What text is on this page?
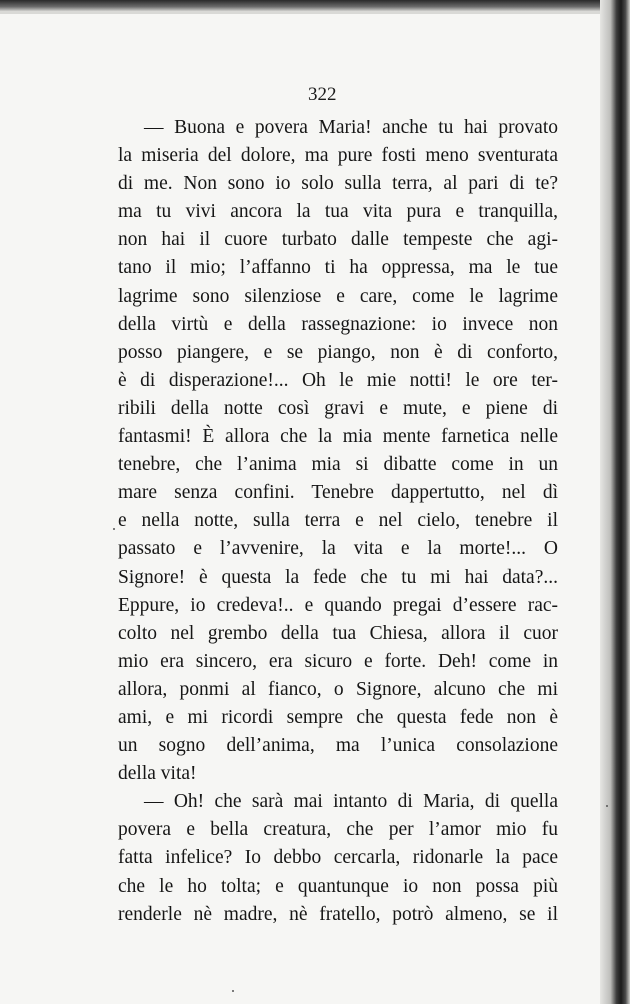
322
— Buona e povera Maria! anche tu hai provato
la miseria del dolore, ma pure fosti meno sventurata
di me. Non sono io solo sulla terra, al pari di te?
ma tu vivi ancora la tua vita pura e tranquilla,
non hai il cuore turbato dalle tempeste che agi-
tano il mio; l’affanno ti ha oppressa, ma le tue
lagrime sono silenziose e care, come le lagrime
della virtù e della rassegnazione: io invece non
posso piangere, e se piango, non è di conforto,
è di disperazione!... Oh le mie notti! le ore ter-
ribili della notte così gravi e mute, e piene di
fantasmi! È allora che la mia mente farnetica nelle
tenebre, che l’anima mia si dibatte come in un
mare senza confini. Tenebre dappertutto, nel dì
e nella notte, sulla terra e nel cielo, tenebre il
passato e l’avvenire, la vita e la morte!... O
Signore! è questa la fede che tu mi hai data?...
Eppure, io credeva!.. e quando pregai d’essere rac-
colto nel grembo della tua Chiesa, allora il cuor
mio era sincero, era sicuro e forte. Deh! come in
allora, ponmi al fianco, o Signore, alcuno che mi
ami, e mi ricordi sempre che questa fede non è
un sogno dell’anima, ma l’unica consolazione
della vita!
— Oh! che sarà mai intanto di Maria, di quella
povera e bella creatura, che per l’amor mio fu
fatta infelice? Io debbo cercarla, ridonarle la pace
che le ho tolta; e quantunque io non possa più
renderle nè madre, nè fratello, potrò almeno, se il
